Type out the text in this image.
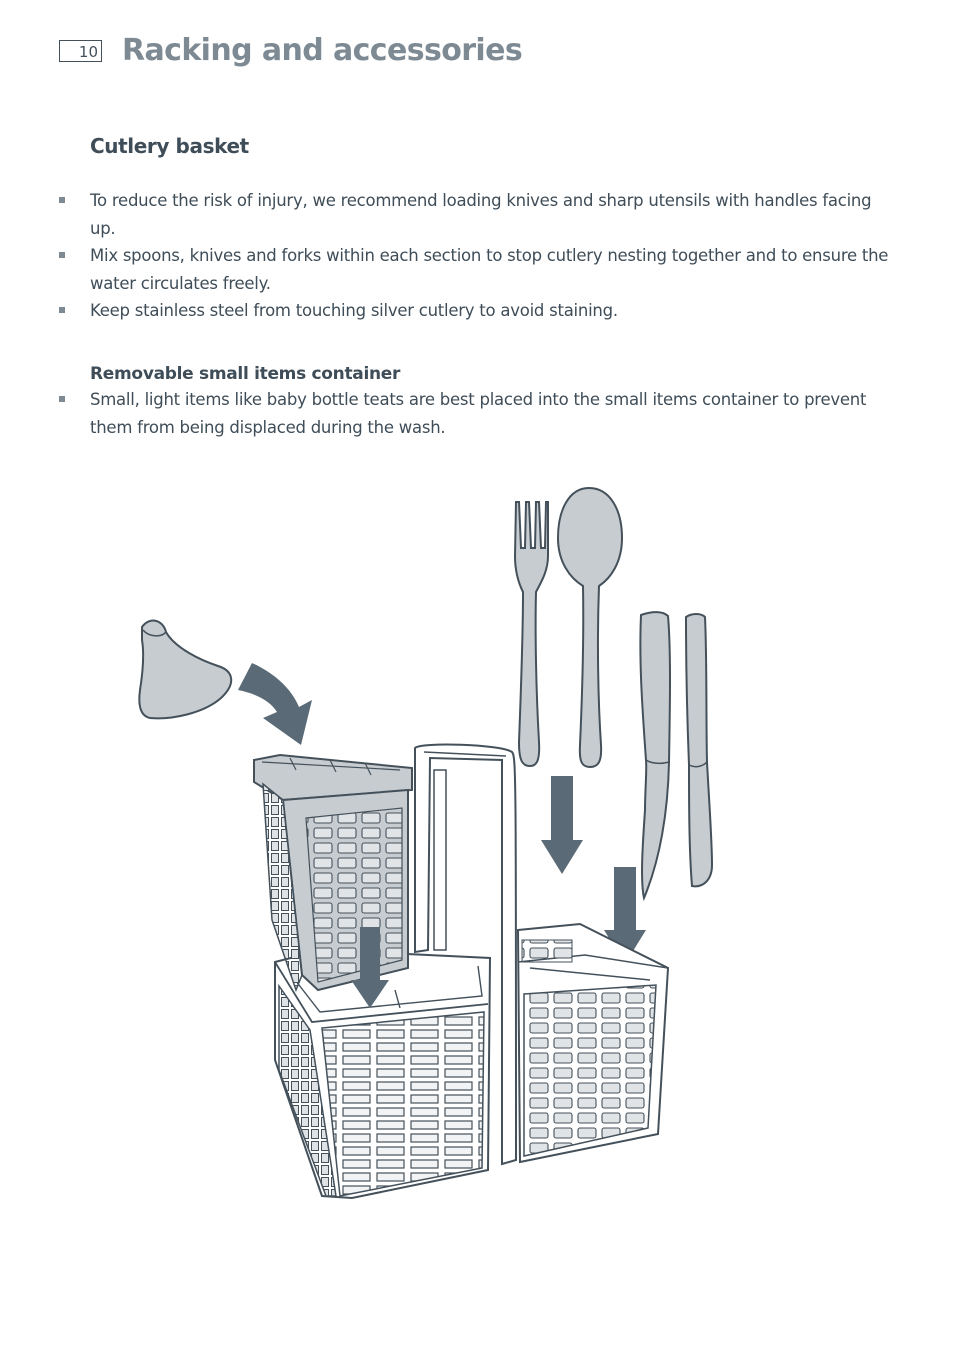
10 Racking and accessories
Cutlery basket
To reduce the risk of injury, we recommend loading knives and sharp utensils with handles facing up.
Mix spoons, knives and forks within each section to stop cutlery nesting together and to ensure the water circulates freely.
Keep stainless steel from touching silver cutlery to avoid staining.
Removable small items container
Small, light items like baby bottle teats are best placed into the small items container to prevent them from being displaced during the wash.
